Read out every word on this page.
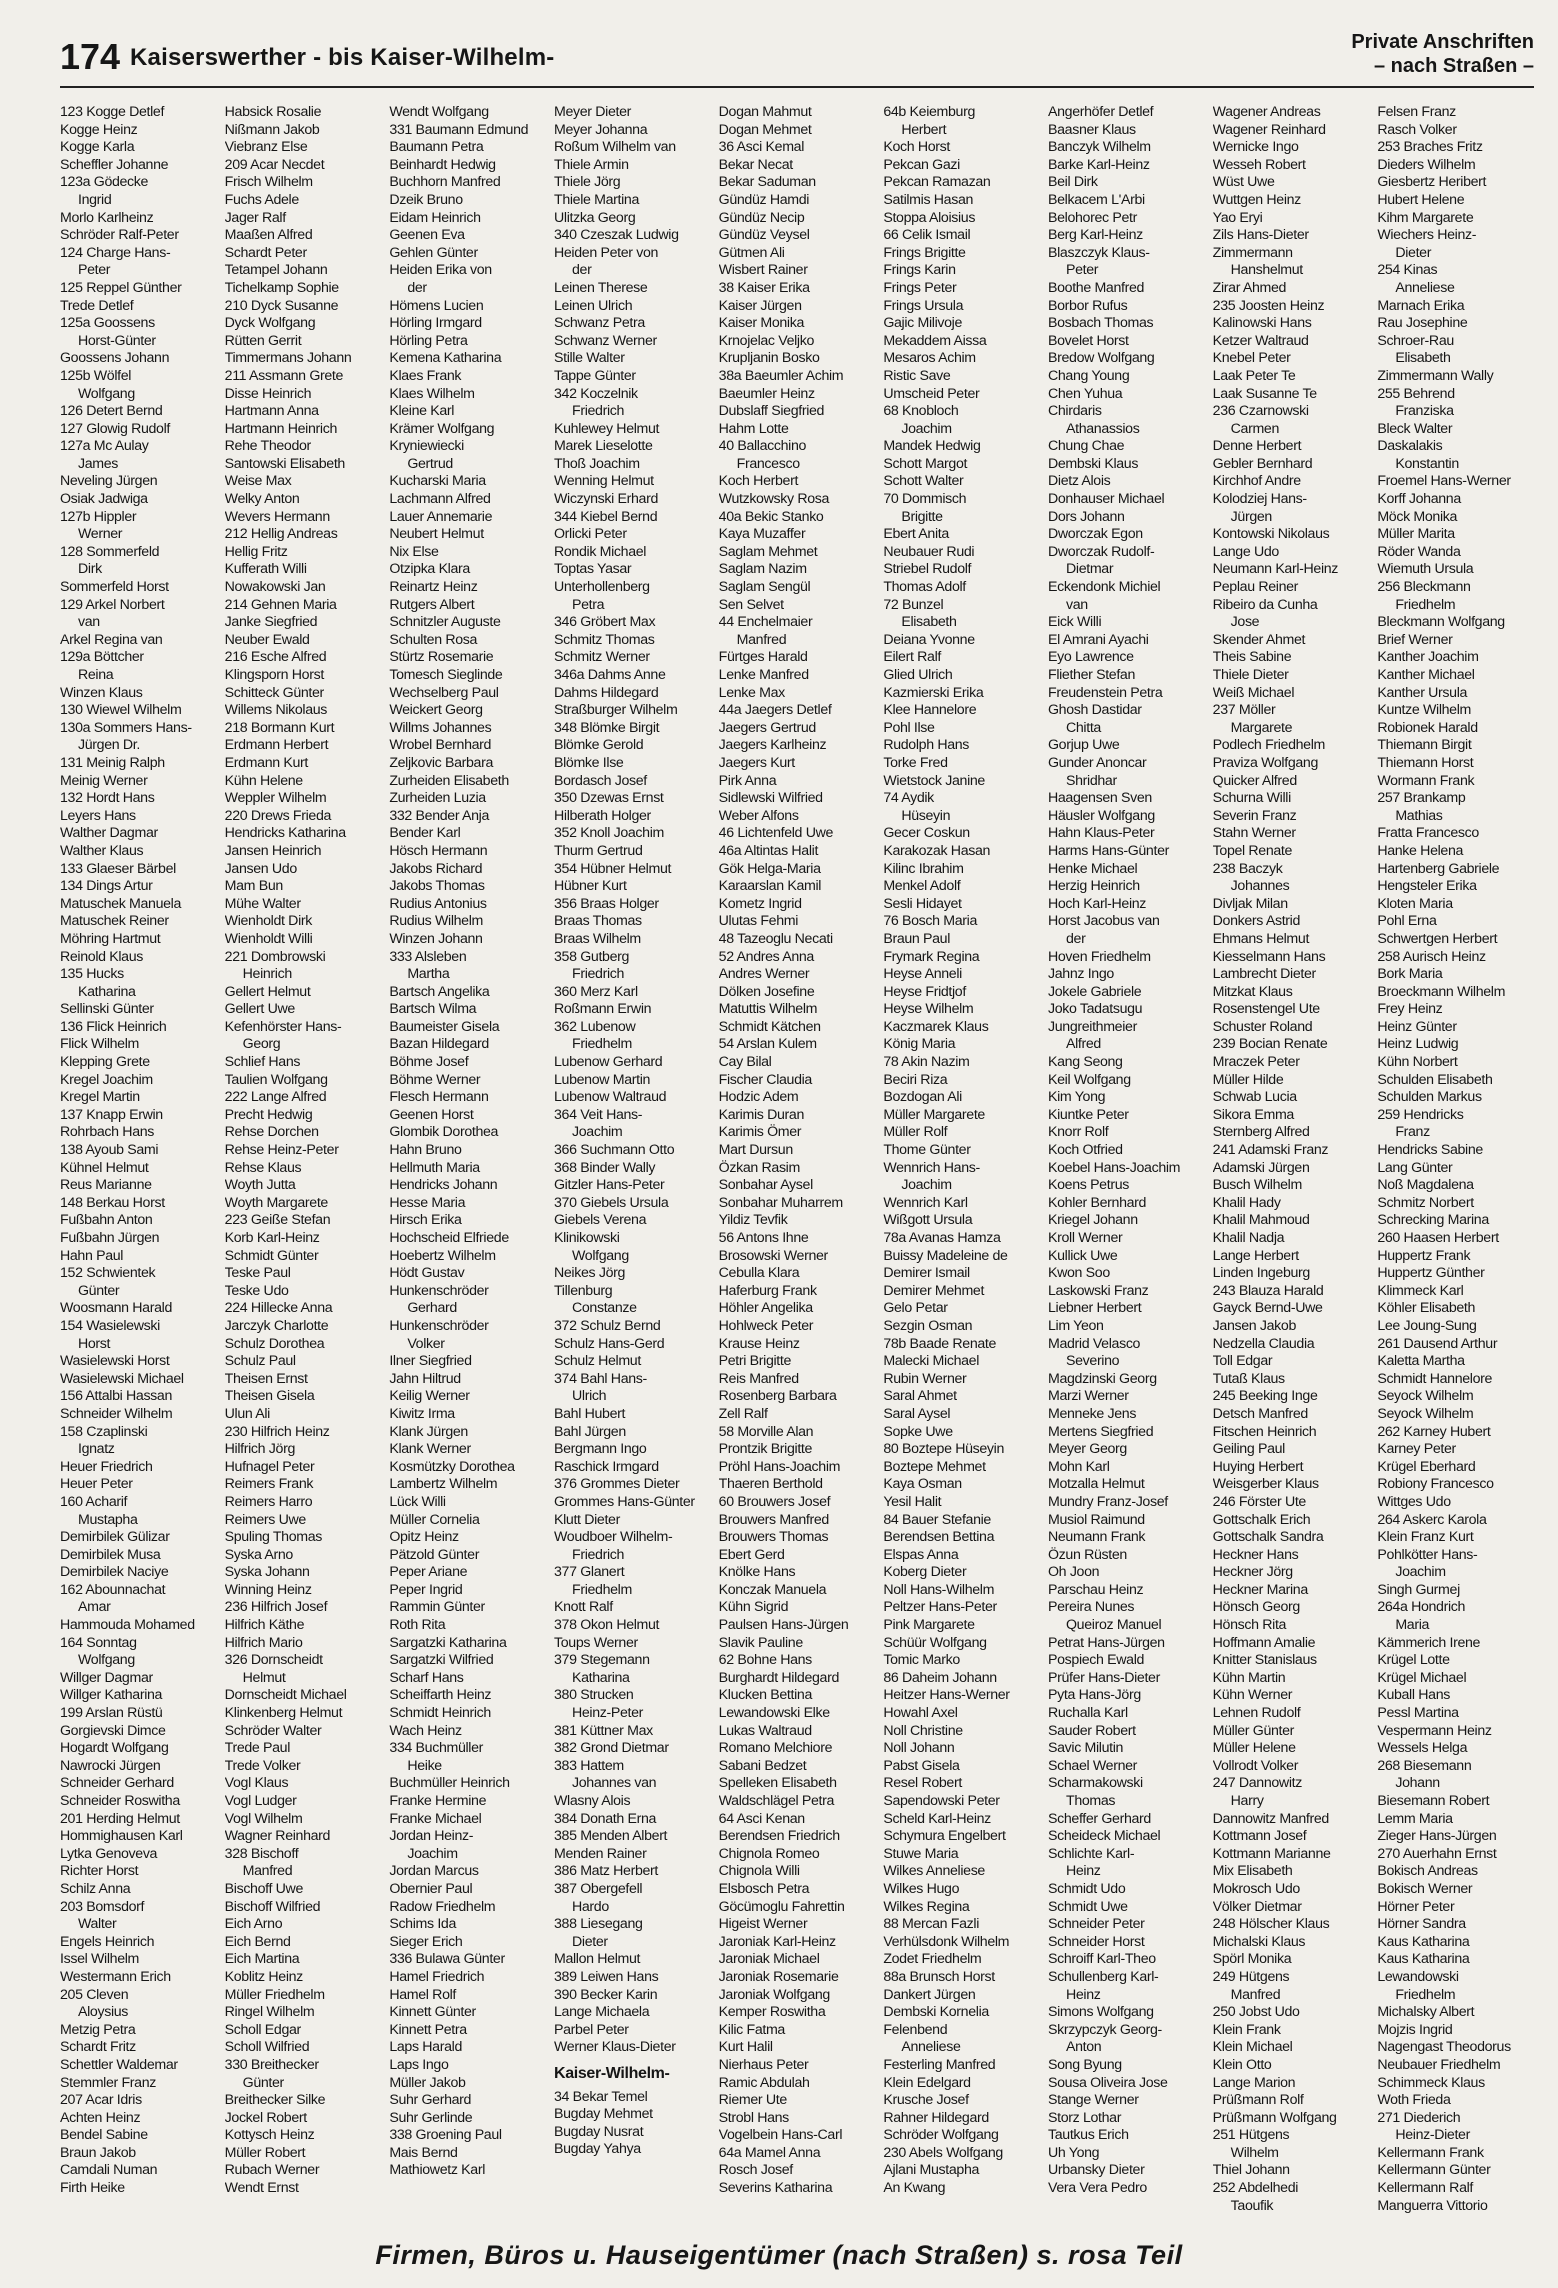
174 Kaiserswerther - bis Kaiser-Wilhelm-
Private Anschriften
– nach Straßen –
123 Kogge Detlef
Kogge Heinz
Kogge Karla
Scheffler Johanne
123a Gödecke
Ingrid
Morlo Karlheinz
Schröder Ralf-Peter
124 Charge Hans-
Peter
125 Reppel Günther
Trede Detlef
125a Goossens
Horst-Günter
Goossens Johann
125b Wölfel
Wolfgang
126 Detert Bernd
127 Glowig Rudolf
127a Mc Aulay
James
Neveling Jürgen
Osiak Jadwiga
127b Hippler
Werner
128 Sommerfeld
Dirk
Sommerfeld Horst
129 Arkel Norbert
van
Arkel Regina van
129a Böttcher
Reina
Winzen Klaus
130 Wiewel Wilhelm
130a Sommers Hans-
Jürgen Dr.
131 Meinig Ralph
Meinig Werner
132 Hordt Hans
Leyers Hans
Walther Dagmar
Walther Klaus
133 Glaeser Bärbel
134 Dings Artur
Matuschek Manuela
Matuschek Reiner
Möhring Hartmut
Reinold Klaus
135 Hucks
Katharina
Sellinski Günter
136 Flick Heinrich
Flick Wilhelm
Klepping Grete
Kregel Joachim
Kregel Martin
137 Knapp Erwin
Rohrbach Hans
138 Ayoub Sami
Kühnel Helmut
Reus Marianne
148 Berkau Horst
Fußbahn Anton
Fußbahn Jürgen
Hahn Paul
152 Schwientek
Günter
Woosmann Harald
154 Wasielewski
Horst
Wasielewski Horst
Wasielewski Michael
156 Attalbi Hassan
Schneider Wilhelm
158 Czaplinski
Ignatz
Heuer Friedrich
Heuer Peter
160 Acharif
Mustapha
Demirbilek Gülizar
Demirbilek Musa
Demirbilek Naciye
162 Abounnachat
Amar
Hammouda Mohamed
164 Sonntag
Wolfgang
Willger Dagmar
Willger Katharina
199 Arslan Rüstü
Gorgievski Dimce
Hogardt Wolfgang
Nawrocki Jürgen
Schneider Gerhard
Schneider Roswitha
201 Herding Helmut
Hommighausen Karl
Lytka Genoveva
Richter Horst
Schilz Anna
203 Bomsdorf
Walter
Engels Heinrich
Issel Wilhelm
Westermann Erich
205 Cleven
Aloysius
Metzig Petra
Schardt Fritz
Schettler Waldemar
Stemmler Franz
207 Acar Idris
Achten Heinz
Bendel Sabine
Braun Jakob
Camdali Numan
Firth Heike
Habsick Rosalie
Nißmann Jakob
Viebranz Else
209 Acar Necdet
Frisch Wilhelm
Fuchs Adele
Jager Ralf
Maaßen Alfred
Schardt Peter
Tetampel Johann
Tichelkamp Sophie
210 Dyck Susanne
Dyck Wolfgang
Rütten Gerrit
Timmermans Johann
211 Assmann Grete
Disse Heinrich
Hartmann Anna
Hartmann Heinrich
Rehe Theodor
Santowski Elisabeth
Weise Max
Welky Anton
Wevers Hermann
212 Hellig Andreas
Hellig Fritz
Kufferath Willi
Nowakowski Jan
214 Gehnen Maria
Janke Siegfried
Neuber Ewald
216 Esche Alfred
Klingsporn Horst
Schitteck Günter
Willems Nikolaus
218 Bormann Kurt
Erdmann Herbert
Erdmann Kurt
Kühn Helene
Weppler Wilhelm
220 Drews Frieda
Hendricks Katharina
Jansen Heinrich
Jansen Udo
Mam Bun
Mühe Walter
Wienholdt Dirk
Wienholdt Willi
221 Dombrowski
Heinrich
Gellert Helmut
Gellert Uwe
Kefenhörster Hans-
Georg
Schlief Hans
Taulien Wolfgang
222 Lange Alfred
Precht Hedwig
Rehse Dorchen
Rehse Heinz-Peter
Rehse Klaus
Woyth Jutta
Woyth Margarete
223 Geiße Stefan
Korb Karl-Heinz
Schmidt Günter
Teske Paul
Teske Udo
224 Hillecke Anna
Jarczyk Charlotte
Schulz Dorothea
Schulz Paul
Theisen Ernst
Theisen Gisela
Ulun Ali
230 Hilfrich Heinz
Hilfrich Jörg
Hufnagel Peter
Reimers Frank
Reimers Harro
Reimers Uwe
Spuling Thomas
Syska Arno
Syska Johann
Winning Heinz
236 Hilfrich Josef
Hilfrich Käthe
Hilfrich Mario
326 Dornscheidt
Helmut
Dornscheidt Michael
Klinkenberg Helmut
Schröder Walter
Trede Paul
Trede Volker
Vogl Klaus
Vogl Ludger
Vogl Wilhelm
Wagner Reinhard
328 Bischoff
Manfred
Bischoff Uwe
Bischoff Wilfried
Eich Arno
Eich Bernd
Eich Martina
Koblitz Heinz
Müller Friedhelm
Ringel Wilhelm
Scholl Edgar
Scholl Wilfried
330 Breithecker
Günter
Breithecker Silke
Jockel Robert
Kottysch Heinz
Müller Robert
Rubach Werner
Wendt Ernst
Wendt Wolfgang
331 Baumann Edmund
Baumann Petra
Beinhardt Hedwig
Buchhorn Manfred
Dzeik Bruno
Eidam Heinrich
Geenen Eva
Gehlen Günter
Heiden Erika von
der
Hömens Lucien
Hörling Irmgard
Hörling Petra
Kemena Katharina
Klaes Frank
Klaes Wilhelm
Kleine Karl
Krämer Wolfgang
Kryniewiecki
Gertrud
Kucharski Maria
Lachmann Alfred
Lauer Annemarie
Neubert Helmut
Nix Else
Otzipka Klara
Reinartz Heinz
Rutgers Albert
Schnitzler Auguste
Schulten Rosa
Stürtz Rosemarie
Tomesch Sieglinde
Wechselberg Paul
Weickert Georg
Willms Johannes
Wrobel Bernhard
Zeljkovic Barbara
Zurheiden Elisabeth
Zurheiden Luzia
332 Bender Anja
Bender Karl
Hösch Hermann
Jakobs Richard
Jakobs Thomas
Rudius Antonius
Rudius Wilhelm
Winzen Johann
333 Alsleben
Martha
Bartsch Angelika
Bartsch Wilma
Baumeister Gisela
Bazan Hildegard
Böhme Josef
Böhme Werner
Flesch Hermann
Geenen Horst
Glombik Dorothea
Hahn Bruno
Hellmuth Maria
Hendricks Johann
Hesse Maria
Hirsch Erika
Hochscheid Elfriede
Hoebertz Wilhelm
Hödt Gustav
Hunkenschröder
Gerhard
Hunkenschröder
Volker
Ilner Siegfried
Jahn Hiltrud
Keilig Werner
Kiwitz Irma
Klank Jürgen
Klank Werner
Kosmützky Dorothea
Lambertz Wilhelm
Lück Willi
Müller Cornelia
Opitz Heinz
Pätzold Günter
Peper Ariane
Peper Ingrid
Rammin Günter
Roth Rita
Sargatzki Katharina
Sargatzki Wilfried
Scharf Hans
Scheiffarth Heinz
Schmidt Heinrich
Wach Heinz
334 Buchmüller
Heike
Buchmüller Heinrich
Franke Hermine
Franke Michael
Jordan Heinz-
Joachim
Jordan Marcus
Obernier Paul
Radow Friedhelm
Schims Ida
Sieger Erich
336 Bulawa Günter
Hamel Friedrich
Hamel Rolf
Kinnett Günter
Kinnett Petra
Laps Harald
Laps Ingo
Müller Jakob
Suhr Gerhard
Suhr Gerlinde
338 Groening Paul
Mais Bernd
Mathiowetz Karl
Meyer Dieter
Meyer Johanna
Roßum Wilhelm van
Thiele Armin
Thiele Jörg
Thiele Martina
Ulitzka Georg
340 Czeszak Ludwig
Heiden Peter von
der
Leinen Therese
Leinen Ulrich
Schwanz Petra
Schwanz Werner
Stille Walter
Tappe Günter
342 Koczelnik
Friedrich
Kuhlewey Helmut
Marek Lieselotte
Thoß Joachim
Wenning Helmut
Wiczynski Erhard
344 Kiebel Bernd
Orlicki Peter
Rondik Michael
Toptas Yasar
Unterhollenberg
Petra
346 Gröbert Max
Schmitz Thomas
Schmitz Werner
346a Dahms Anne
Dahms Hildegard
Straßburger Wilhelm
348 Blömke Birgit
Blömke Gerold
Blömke Ilse
Bordasch Josef
350 Dzewas Ernst
Hilberath Holger
352 Knoll Joachim
Thurm Gertrud
354 Hübner Helmut
Hübner Kurt
356 Braas Holger
Braas Thomas
Braas Wilhelm
358 Gutberg
Friedrich
360 Merz Karl
Roßmann Erwin
362 Lubenow
Friedhelm
Lubenow Gerhard
Lubenow Martin
Lubenow Waltraud
364 Veit Hans-
Joachim
366 Suchmann Otto
368 Binder Wally
Gitzler Hans-Peter
370 Giebels Ursula
Giebels Verena
Klinikowski
Wolfgang
Neikes Jörg
Tillenburg
Constanze
372 Schulz Bernd
Schulz Hans-Gerd
Schulz Helmut
374 Bahl Hans-
Ulrich
Bahl Hubert
Bahl Jürgen
Bergmann Ingo
Raschick Irmgard
376 Grommes Dieter
Grommes Hans-Günter
Klutt Dieter
Woudboer Wilhelm-
Friedrich
377 Glanert
Friedhelm
Knott Ralf
378 Okon Helmut
Toups Werner
379 Stegemann
Katharina
380 Strucken
Heinz-Peter
381 Küttner Max
382 Grond Dietmar
383 Hattem
Johannes van
Wlasny Alois
384 Donath Erna
385 Menden Albert
Menden Rainer
386 Matz Herbert
387 Obergefell
Hardo
388 Liesegang
Dieter
Mallon Helmut
389 Leiwen Hans
390 Becker Karin
Lange Michaela
Parbel Peter
Werner Klaus-Dieter
Kaiser-Wilhelm-
34 Bekar Temel
Bugday Mehmet
Bugday Nusrat
Bugday Yahya
Dogan Mahmut
Dogan Mehmet
36 Asci Kemal
Bekar Necat
Bekar Saduman
Gündüz Hamdi
Gündüz Necip
Gündüz Veysel
Gütmen Ali
Wisbert Rainer
38 Kaiser Erika
Kaiser Jürgen
Kaiser Monika
Krnojelac Veljko
Krupljanin Bosko
38a Baeumler Achim
Baeumler Heinz
Dubslaff Siegfried
Hahm Lotte
40 Ballacchino
Francesco
Koch Herbert
Wutzkowsky Rosa
40a Bekic Stanko
Kaya Muzaffer
Saglam Mehmet
Saglam Nazim
Saglam Sengül
Sen Selvet
44 Enchelmaier
Manfred
Fürtges Harald
Lenke Manfred
Lenke Max
44a Jaegers Detlef
Jaegers Gertrud
Jaegers Karlheinz
Jaegers Kurt
Pirk Anna
Sidlewski Wilfried
Weber Alfons
46 Lichtenfeld Uwe
46a Altintas Halit
Gök Helga-Maria
Karaarslan Kamil
Kometz Ingrid
Ulutas Fehmi
48 Tazeoglu Necati
52 Andres Anna
Andres Werner
Dölken Josefine
Matuttis Wilhelm
Schmidt Kätchen
54 Arslan Kulem
Cay Bilal
Fischer Claudia
Hodzic Adem
Karimis Duran
Karimis Ömer
Mart Dursun
Özkan Rasim
Sonbahar Aysel
Sonbahar Muharrem
Yildiz Tevfik
56 Antons Ihne
Brosowski Werner
Cebulla Klara
Haferburg Frank
Höhler Angelika
Hohlweck Peter
Krause Heinz
Petri Brigitte
Reis Manfred
Rosenberg Barbara
Zell Ralf
58 Morville Alan
Prontzik Brigitte
Pröhl Hans-Joachim
Thaeren Berthold
60 Brouwers Josef
Brouwers Manfred
Brouwers Thomas
Ebert Gerd
Knölke Hans
Konczak Manuela
Kühn Sigrid
Paulsen Hans-Jürgen
Slavik Pauline
62 Bohne Hans
Burghardt Hildegard
Klucken Bettina
Lewandowski Elke
Lukas Waltraud
Romano Melchiore
Sabani Bedzet
Spelleken Elisabeth
Waldschlägel Petra
64 Asci Kenan
Berendsen Friedrich
Chignola Romeo
Chignola Willi
Elsbosch Petra
Göcümoglu Fahrettin
Higeist Werner
Jaroniak Karl-Heinz
Jaroniak Michael
Jaroniak Rosemarie
Jaroniak Wolfgang
Kemper Roswitha
Kilic Fatma
Kurt Halil
Nierhaus Peter
Ramic Abdulah
Riemer Ute
Strobl Hans
Vogelbein Hans-Carl
64a Mamel Anna
Rosch Josef
Severins Katharina
64b Keiemburg
Herbert
Koch Horst
Pekcan Gazi
Pekcan Ramazan
Satilmis Hasan
Stoppa Aloisius
66 Celik Ismail
Frings Brigitte
Frings Karin
Frings Peter
Frings Ursula
Gajic Milivoje
Mekaddem Aissa
Mesaros Achim
Ristic Save
Umscheid Peter
68 Knobloch
Joachim
Mandek Hedwig
Schott Margot
Schott Walter
70 Dommisch
Brigitte
Ebert Anita
Neubauer Rudi
Striebel Rudolf
Thomas Adolf
72 Bunzel
Elisabeth
Deiana Yvonne
Eilert Ralf
Glied Ulrich
Kazmierski Erika
Klee Hannelore
Pohl Ilse
Rudolph Hans
Torke Fred
Wietstock Janine
74 Aydik
Hüseyin
Gecer Coskun
Karakozak Hasan
Kilinc Ibrahim
Menkel Adolf
Sesli Hidayet
76 Bosch Maria
Braun Paul
Frymark Regina
Heyse Anneli
Heyse Fridtjof
Heyse Wilhelm
Kaczmarek Klaus
König Maria
78 Akin Nazim
Beciri Riza
Bozdogan Ali
Müller Margarete
Müller Rolf
Thome Günter
Wennrich Hans-
Joachim
Wennrich Karl
Wißgott Ursula
78a Avanas Hamza
Buissy Madeleine de
Demirer Ismail
Demirer Mehmet
Gelo Petar
Sezgin Osman
78b Baade Renate
Malecki Michael
Rubin Werner
Saral Ahmet
Saral Aysel
Sopke Uwe
80 Boztepe Hüseyin
Boztepe Mehmet
Kaya Osman
Yesil Halit
84 Bauer Stefanie
Berendsen Bettina
Elspas Anna
Koberg Dieter
Noll Hans-Wilhelm
Peltzer Hans-Peter
Pink Margarete
Schüür Wolfgang
Tomic Marko
86 Daheim Johann
Heitzer Hans-Werner
Howahl Axel
Noll Christine
Noll Johann
Pabst Gisela
Resel Robert
Sapendowski Peter
Scheld Karl-Heinz
Schymura Engelbert
Stuwe Maria
Wilkes Anneliese
Wilkes Hugo
Wilkes Regina
88 Mercan Fazli
Verhülsdonk Wilhelm
Zodet Friedhelm
88a Brunsch Horst
Dankert Jürgen
Dembski Kornelia
Felenbend
Anneliese
Festerling Manfred
Klein Edelgard
Krusche Josef
Rahner Hildegard
Schröder Wolfgang
230 Abels Wolfgang
Ajlani Mustapha
An Kwang
Angerhöfer Detlef
Baasner Klaus
Banczyk Wilhelm
Barke Karl-Heinz
Beil Dirk
Belkacem L'Arbi
Belohorec Petr
Berg Karl-Heinz
Blaszczyk Klaus-
Peter
Boothe Manfred
Borbor Rufus
Bosbach Thomas
Bovelet Horst
Bredow Wolfgang
Chang Young
Chen Yuhua
Chirdaris
Athanassios
Chung Chae
Dembski Klaus
Dietz Alois
Donhauser Michael
Dors Johann
Dworczak Egon
Dworczak Rudolf-
Dietmar
Eckendonk Michiel
van
Eick Willi
El Amrani Ayachi
Eyo Lawrence
Fliether Stefan
Freudenstein Petra
Ghosh Dastidar
Chitta
Gorjup Uwe
Gunder Anoncar
Shridhar
Haagensen Sven
Häusler Wolfgang
Hahn Klaus-Peter
Harms Hans-Günter
Henke Michael
Herzig Heinrich
Hoch Karl-Heinz
Horst Jacobus van
der
Hoven Friedhelm
Jahnz Ingo
Jokele Gabriele
Joko Tadatsugu
Jungreithmeier
Alfred
Kang Seong
Keil Wolfgang
Kim Yong
Kiuntke Peter
Knorr Rolf
Koch Otfried
Koebel Hans-Joachim
Koens Petrus
Kohler Bernhard
Kriegel Johann
Kroll Werner
Kullick Uwe
Kwon Soo
Laskowski Franz
Liebner Herbert
Lim Yeon
Madrid Velasco
Severino
Magdzinski Georg
Marzi Werner
Menneke Jens
Mertens Siegfried
Meyer Georg
Mohn Karl
Motzalla Helmut
Mundry Franz-Josef
Musiol Raimund
Neumann Frank
Özun Rüsten
Oh Joon
Parschau Heinz
Pereira Nunes
Queiroz Manuel
Petrat Hans-Jürgen
Pospiech Ewald
Prüfer Hans-Dieter
Pyta Hans-Jörg
Ruchalla Karl
Sauder Robert
Savic Milutin
Schael Werner
Scharmakowski
Thomas
Scheffer Gerhard
Scheideck Michael
Schlichte Karl-
Heinz
Schmidt Udo
Schmidt Uwe
Schneider Peter
Schneider Horst
Schroiff Karl-Theo
Schullenberg Karl-
Heinz
Simons Wolfgang
Skrzypczyk Georg-
Anton
Song Byung
Sousa Oliveira Jose
Stange Werner
Storz Lothar
Tautkus Erich
Uh Yong
Urbansky Dieter
Vera Vera Pedro
Wagener Andreas
Wagener Reinhard
Wernicke Ingo
Wesseh Robert
Wüst Uwe
Wuttgen Heinz
Yao Eryi
Zils Hans-Dieter
Zimmermann
Hanshelmut
Zirar Ahmed
235 Joosten Heinz
Kalinowski Hans
Ketzer Waltraud
Knebel Peter
Laak Peter Te
Laak Susanne Te
236 Czarnowski
Carmen
Denne Herbert
Gebler Bernhard
Kirchhof Andre
Kolodziej Hans-
Jürgen
Kontowski Nikolaus
Lange Udo
Neumann Karl-Heinz
Peplau Reiner
Ribeiro da Cunha
Jose
Skender Ahmet
Theis Sabine
Thiele Dieter
Weiß Michael
237 Möller
Margarete
Podlech Friedhelm
Praviza Wolfgang
Quicker Alfred
Schurna Willi
Severin Franz
Stahn Werner
Topel Renate
238 Baczyk
Johannes
Divljak Milan
Donkers Astrid
Ehmans Helmut
Kiesselmann Hans
Lambrecht Dieter
Mitzkat Klaus
Rosenstengel Ute
Schuster Roland
239 Bocian Renate
Mraczek Peter
Müller Hilde
Schwab Lucia
Sikora Emma
Sternberg Alfred
241 Adamski Franz
Adamski Jürgen
Busch Wilhelm
Khalil Hady
Khalil Mahmoud
Khalil Nadja
Lange Herbert
Linden Ingeburg
243 Blauza Harald
Gayck Bernd-Uwe
Jansen Jakob
Nedzella Claudia
Toll Edgar
Tutaß Klaus
245 Beeking Inge
Detsch Manfred
Fitschen Heinrich
Geiling Paul
Huying Herbert
Weisgerber Klaus
246 Förster Ute
Gottschalk Erich
Gottschalk Sandra
Heckner Hans
Heckner Jörg
Heckner Marina
Hönsch Georg
Hönsch Rita
Hoffmann Amalie
Knitter Stanislaus
Kühn Martin
Kühn Werner
Lehnen Rudolf
Müller Günter
Müller Helene
Vollrodt Volker
247 Dannowitz
Harry
Dannowitz Manfred
Kottmann Josef
Kottmann Marianne
Mix Elisabeth
Mokrosch Udo
Völker Dietmar
248 Hölscher Klaus
Michalski Klaus
Spörl Monika
249 Hütgens
Manfred
250 Jobst Udo
Klein Frank
Klein Michael
Klein Otto
Lange Marion
Prüßmann Rolf
Prüßmann Wolfgang
251 Hütgens
Wilhelm
Thiel Johann
252 Abdelhedi
Taoufik
Felsen Franz
Rasch Volker
253 Braches Fritz
Dieders Wilhelm
Giesbertz Heribert
Hubert Helene
Kihm Margarete
Wiechers Heinz-
Dieter
254 Kinas
Anneliese
Marnach Erika
Rau Josephine
Schroer-Rau
Elisabeth
Zimmermann Wally
255 Behrend
Franziska
Bleck Walter
Daskalakis
Konstantin
Froemel Hans-Werner
Korff Johanna
Möck Monika
Müller Marita
Röder Wanda
Wiemuth Ursula
256 Bleckmann
Friedhelm
Bleckmann Wolfgang
Brief Werner
Kanther Joachim
Kanther Michael
Kanther Ursula
Kuntze Wilhelm
Robionek Harald
Thiemann Birgit
Thiemann Horst
Wormann Frank
257 Brankamp
Mathias
Fratta Francesco
Hanke Helena
Hartenberg Gabriele
Hengsteler Erika
Kloten Maria
Pohl Erna
Schwertgen Herbert
258 Aurisch Heinz
Bork Maria
Broeckmann Wilhelm
Frey Heinz
Heinz Günter
Heinz Ludwig
Kühn Norbert
Schulden Elisabeth
Schulden Markus
259 Hendricks
Franz
Hendricks Sabine
Lang Günter
Noß Magdalena
Schmitz Norbert
Schrecking Marina
260 Haasen Herbert
Huppertz Frank
Huppertz Günther
Klimmeck Karl
Köhler Elisabeth
Lee Joung-Sung
261 Dausend Arthur
Kaletta Martha
Schmidt Hannelore
Seyock Wilhelm
Seyock Wilhelm
262 Karney Hubert
Karney Peter
Krügel Eberhard
Robiony Francesco
Wittges Udo
264 Askerc Karola
Klein Franz Kurt
Pohlkötter Hans-
Joachim
Singh Gurmej
264a Hondrich
Maria
Kämmerich Irene
Krügel Lotte
Krügel Michael
Kuball Hans
Pessl Martina
Vespermann Heinz
Wessels Helga
268 Biesemann
Johann
Biesemann Robert
Lemm Maria
Zieger Hans-Jürgen
270 Auerhahn Ernst
Bokisch Andreas
Bokisch Werner
Hörner Peter
Hörner Sandra
Kaus Katharina
Kaus Katharina
Lewandowski
Friedhelm
Michalsky Albert
Mojzis Ingrid
Nagengast Theodorus
Neubauer Friedhelm
Schimmeck Klaus
Woth Frieda
271 Diederich
Heinz-Dieter
Kellermann Frank
Kellermann Günter
Kellermann Ralf
Manguerra Vittorio
Firmen, Büros u. Hauseigentümer (nach Straßen) s. rosa Teil
